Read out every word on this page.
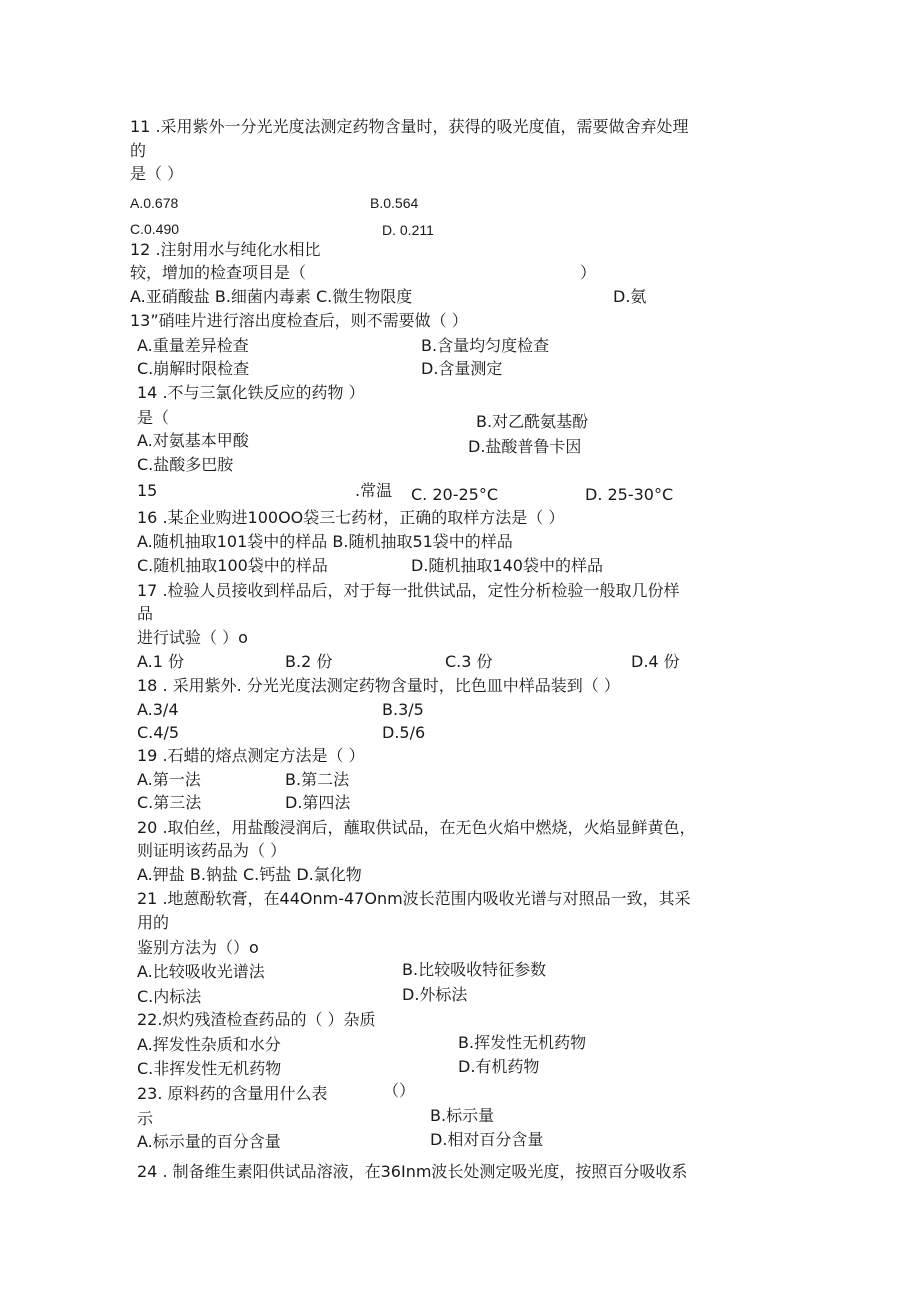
11 .采用紫外一分光光度法测定药物含量时，获得的吸光度值，需要做舍弃处理
的
是（ ）
A.0.678	B.0.564
C.0.490	D. 0.211
12 .注射用水与纯化水相比
较，增加的检查项目是（	）
A.亚硝酸盐 B.细菌内毒素 C.微生物限度	D.氨
13”硝哇片进行溶出度检查后，则不需要做（ ）
A.重量差异检查	B.含量均匀度检查
C.崩解时限检查	D.含量测定
14 .不与三氯化铁反应的药物 ）
是（	B.对乙酰氨基酚
A.对氨基本甲酸	D.盐酸普鲁卡因
C.盐酸多巴胺
15	.常温 C. 20-25°C	D. 25-30°C
16 .某企业购进100OO袋三七药材，正确的取样方法是（ ）
A.随机抽取101袋中的样品 B.随机抽取51袋中的样品
C.随机抽取100袋中的样品	D.随机抽取140袋中的样品
17 .检验人员接收到样品后，对于每一批供试品，定性分析检验一般取几份样
品
进行试验（ ）o
A.1 份	B.2 份	C.3 份	D.4 份
18 . 采用紫外. 分光光度法测定药物含量时，比色皿中样品装到（ ）
A.3/4	B.3/5
C.4/5	D.5/6
19 .石蜡的熔点测定方法是（ ）
A.第一法	B.第二法
C.第三法	D.第四法
20 .取伯丝，用盐酸浸润后，蘸取供试品，在无色火焰中燃烧，火焰显鲜黄色，
则证明该药品为（ ）
A.钾盐 B.钠盐 C.钙盐 D.氯化物
21 .地蒽酚软膏，在44Onm-47Onm波长范围内吸收光谱与对照品一致，其采
用的
鉴别方法为（）o
A.比较吸收光谱法	B.比较吸收特征参数
C.内标法	D.外标法
22.炽灼残渣检查药品的（ ）杂质
A.挥发性杂质和水分	B.挥发性无机药物
C.非挥发性无机药物	D.有机药物
23. 原料药的含量用什么表	（）
示	B.标示量
A.标示量的百分含量	D.相对百分含量
24 . 制备维生素阳供试品溶液，在36Inm波长处测定吸光度，按照百分吸收系
